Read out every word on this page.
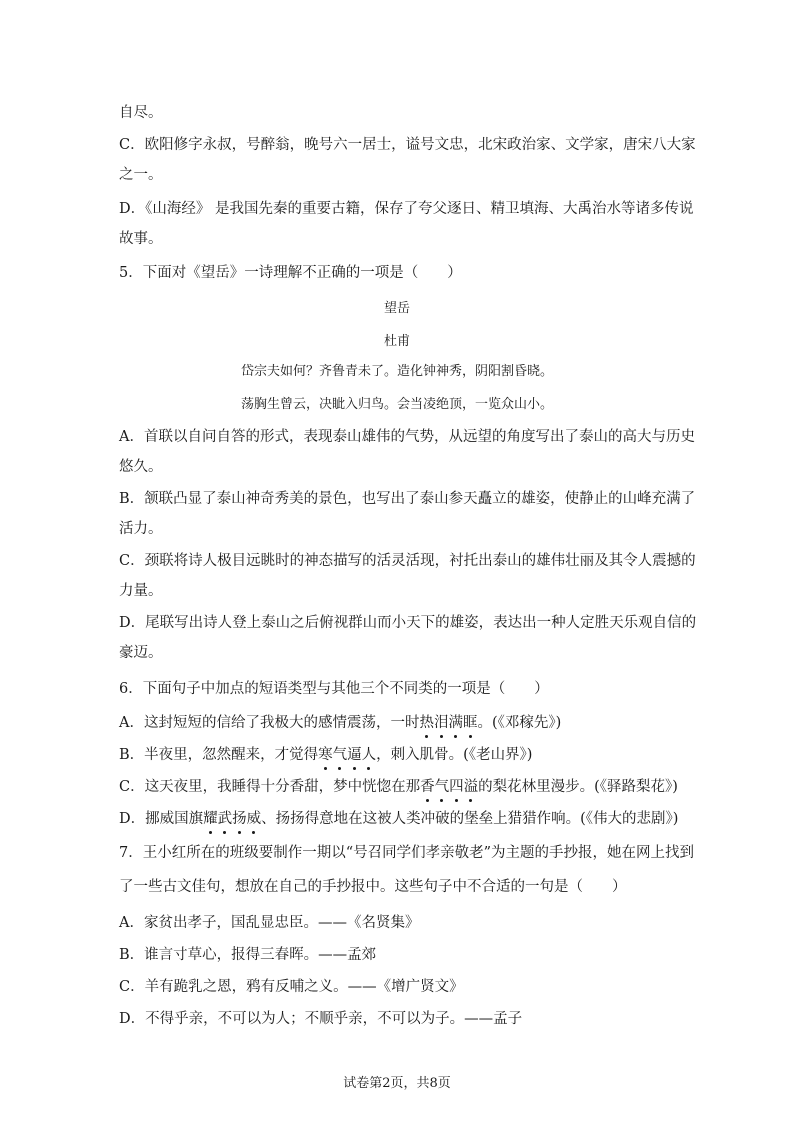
自尽。
C．欧阳修字永叔，号醉翁，晚号六一居士，谥号文忠，北宋政治家、文学家，唐宋八大家
之一。
D．《山海经》 是我国先秦的重要古籍，保存了夸父逐日、精卫填海、大禹治水等诸多传说
故事。
5．下面对《望岳》一诗理解不正确的一项是（　　）
望岳
杜甫
岱宗夫如何？齐鲁青未了。造化钟神秀，阴阳割昏晓。
荡胸生曾云，决眦入归鸟。会当凌绝顶，一览众山小。
A．首联以自问自答的形式，表现泰山雄伟的气势，从远望的角度写出了泰山的高大与历史
悠久。
B．颔联凸显了泰山神奇秀美的景色，也写出了泰山参天矗立的雄姿，使静止的山峰充满了
活力。
C．颈联将诗人极目远眺时的神态描写的活灵活现，衬托出泰山的雄伟壮丽及其令人震撼的
力量。
D．尾联写出诗人登上泰山之后俯视群山而小天下的雄姿，表达出一种人定胜天乐观自信的
豪迈。
6．下面句子中加点的短语类型与其他三个不同类的一项是（　　）
A．这封短短的信给了我极大的感情震荡，一时热泪满眶。(《邓稼先》)
B．半夜里，忽然醒来，才觉得寒气逼人，刺入肌骨。(《老山界》)
C．这天夜里，我睡得十分香甜，梦中恍惚在那香气四溢的梨花林里漫步。(《驿路梨花》)
D．挪威国旗耀武扬威、扬扬得意地在这被人类冲破的堡垒上猎猎作响。(《伟大的悲剧》)
7．王小红所在的班级要制作一期以“号召同学们孝亲敬老”为主题的手抄报，她在网上找到
了一些古文佳句，想放在自己的手抄报中。这些句子中不合适的一句是（　　）
A．家贫出孝子，国乱显忠臣。——《名贤集》
B．谁言寸草心，报得三春晖。——孟郊
C．羊有跪乳之恩，鸦有反哺之义。——《增广贤文》
D．不得乎亲，不可以为人；不顺乎亲，不可以为子。——孟子
试卷第2页，共8页
